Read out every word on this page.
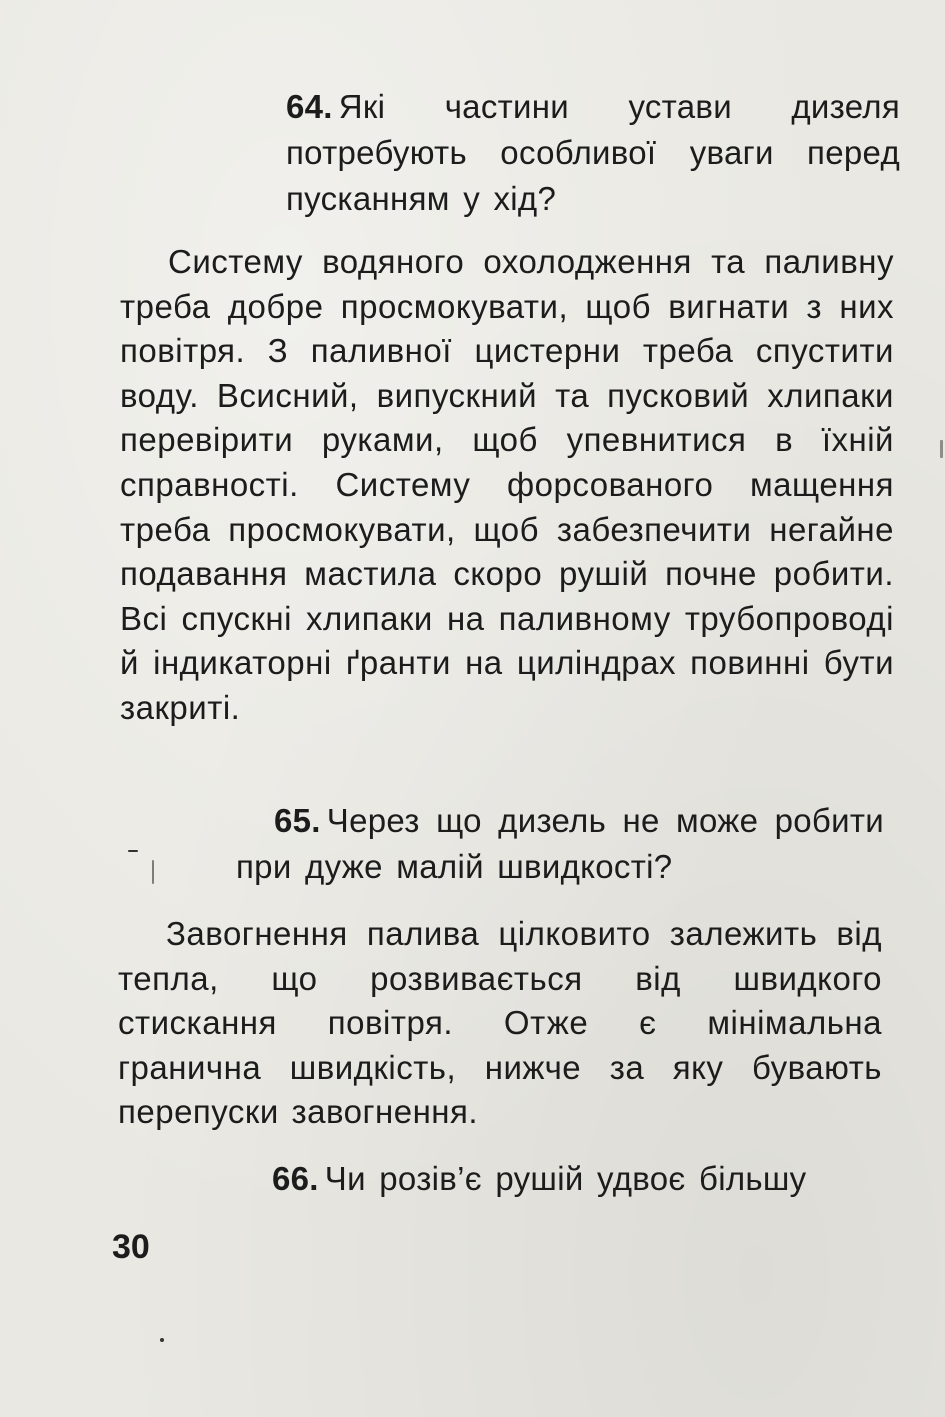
64. Які частини устави дизеля потребують особливої уваги перед пусканням у хід?

Систему водяного охолодження та паливну треба добре просмокувати, щоб вигнати з них повітря. З паливної цистерни треба спустити воду. Всисний, випускний та пусковий хлипаки перевірити руками, щоб упевнитися в їхній справності. Систему форсованого мащення треба просмокувати, щоб забезпечити негайне подавання мастила скоро рушій почне робити. Всі спускні хлипаки на паливному трубопроводі й індикаторні ґранти на циліндрах повинні бути закриті.

65. Через що дизель не може робити при дуже малій швидкості?

Завогнення палива цілковито залежить від тепла, що розвивається від швидкого стискання повітря. Отже є мінімальна гранична швидкість, нижче за яку бувають перепуски завогнення.

66. Чи розів’є рушій удвоє більшу

30
